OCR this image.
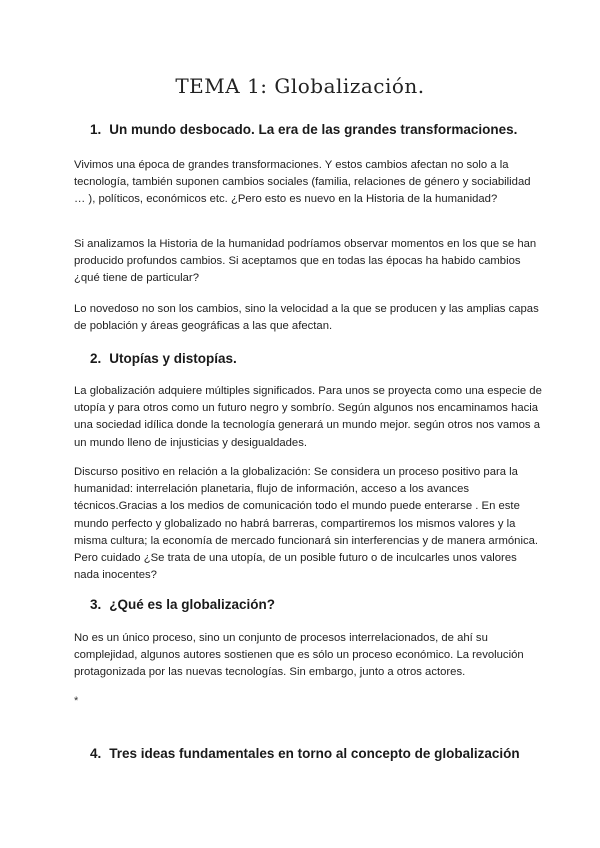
TEMA 1: Globalización.
1. Un mundo desbocado. La era de las grandes transformaciones.

Vivimos una época de grandes transformaciones. Y estos cambios afectan no solo a la tecnología, también suponen cambios sociales (familia, relaciones de género y sociabilidad … ), políticos, económicos etc. ¿Pero esto es nuevo en la Historia de la humanidad?

Si analizamos la Historia de la humanidad podríamos observar momentos en los que se han producido profundos cambios. Si aceptamos que en todas las épocas ha habido cambios ¿qué tiene de particular?

Lo novedoso no son los cambios, sino la velocidad a la que se producen y las amplias capas de población y áreas geográficas a las que afectan.

2. Utopías y distopías.

La globalización adquiere múltiples significados. Para unos se proyecta como una especie de utopía y para otros como un futuro negro y sombrío. Según algunos nos encaminamos hacia una sociedad idílica donde la tecnología generará un mundo mejor. según otros nos vamos a un mundo lleno de injusticias y desigualdades.

Discurso positivo en relación a la globalización: Se considera un proceso positivo para la humanidad: interrelación planetaria, flujo de información, acceso a los avances técnicos.Gracias a los medios de comunicación todo el mundo puede enterarse . En este mundo perfecto y globalizado no habrá barreras, compartiremos los mismos valores y la misma cultura; la economía de mercado funcionará sin interferencias y de manera armónica. Pero cuidado ¿Se trata de una utopía, de un posible futuro o de inculcarles unos valores nada inocentes?

3. ¿Qué es la globalización?

No es un único proceso, sino un conjunto de procesos interrelacionados, de ahí su complejidad, algunos autores sostienen que es sólo un proceso económico. La revolución protagonizada por las nuevas tecnologías. Sin embargo, junto a otros actores.

*
4. Tres ideas fundamentales en torno al concepto de globalización
